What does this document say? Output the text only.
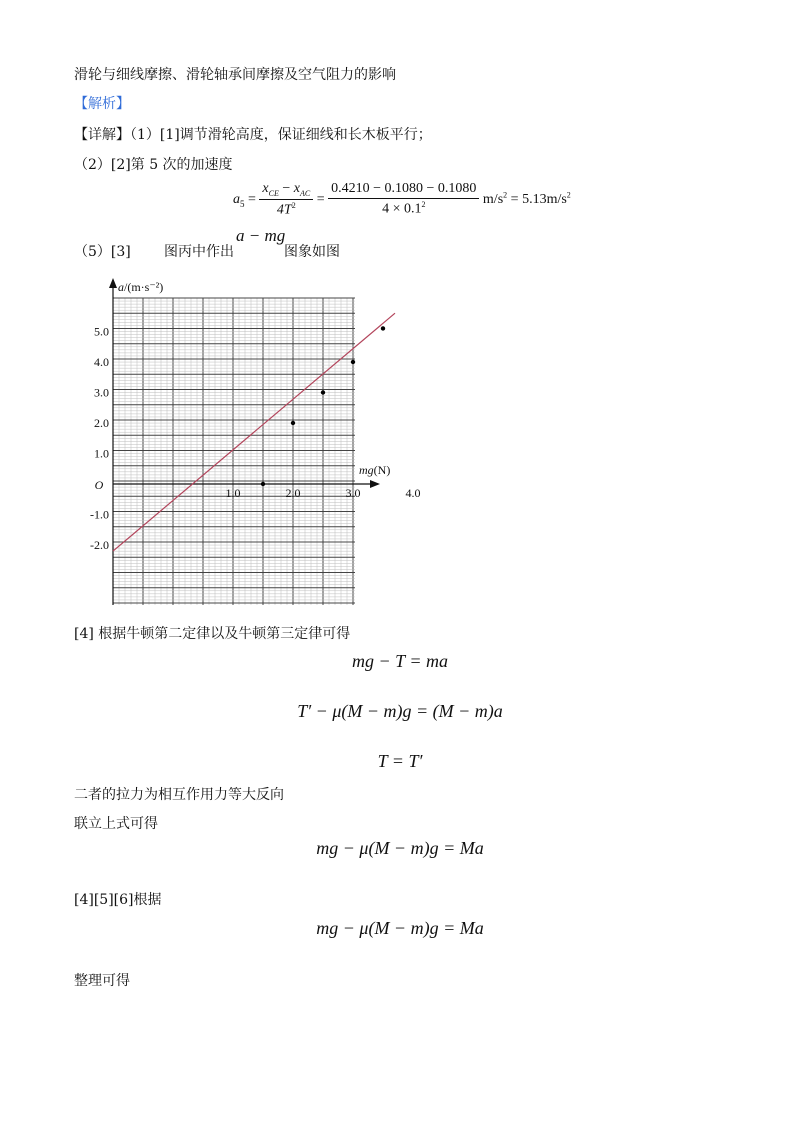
滑轮与细线摩擦、滑轮轴承间摩擦及空气阻力的影响
【解析】
【详解】（1）[1]调节滑轮高度，保证细线和长木板平行；
（2）[2]第 5 次的加速度
$a_5 = \frac{x_{CE} - x_{AC}}{4T^2} = \frac{0.4210 - 0.1080 - 0.1080}{4 \times 0.1^2} m/s^2 = 5.13m/s^2$
（5）[3] 图丙中作出
a − mg
图象如图
5.0
4.0
3.0
2.0
1.0
-1.0
-2.0
1.0	2.0	3.0	4.0
O
a/(m·s⁻²)
mg(N)
[4] 根据牛顿第二定律以及牛顿第三定律可得
mg − T = ma
T′ − μ(M − m)g = (M − m)a
T = T′
二者的拉力为相互作用力等大反向
联立上式可得
mg − μ(M − m)g = Ma
[4][5][6]根据
mg − μ(M − m)g = Ma
整理可得
